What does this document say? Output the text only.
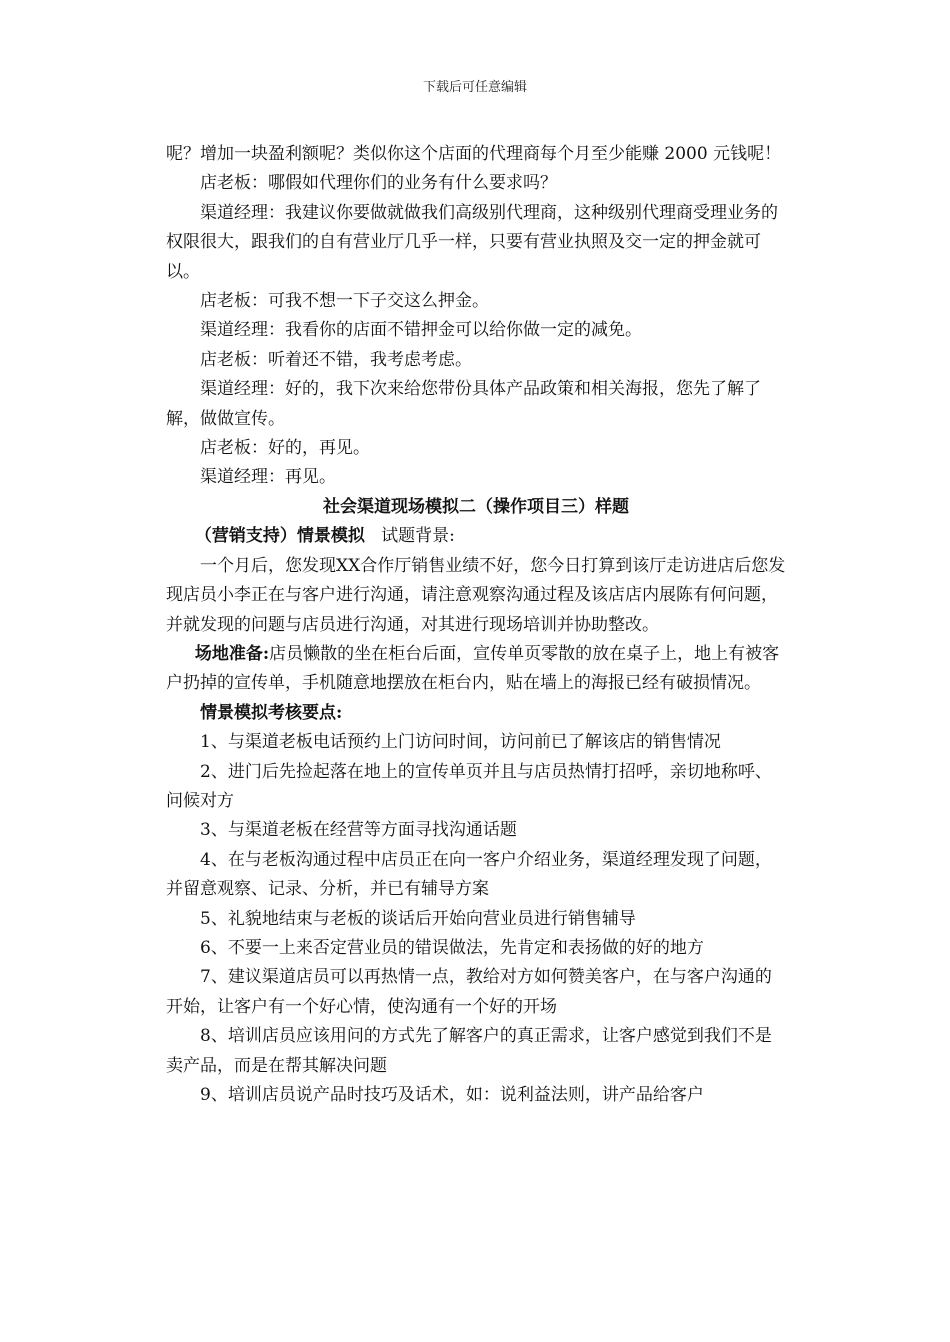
下载后可任意编辑

呢？增加一块盈利额呢？类似你这个店面的代理商每个月至少能赚 2000 元钱呢！

店老板：哪假如代理你们的业务有什么要求吗？

渠道经理：我建议你要做就做我们高级别代理商，这种级别代理商受理业务的权限很大，跟我们的自有营业厅几乎一样，只要有营业执照及交一定的押金就可以。

店老板：可我不想一下子交这么押金。

渠道经理：我看你的店面不错押金可以给你做一定的减免。

店老板：听着还不错，我考虑考虑。

渠道经理：好的，我下次来给您带份具体产品政策和相关海报，您先了解了解，做做宣传。

店老板：好的，再见。

渠道经理：再见。

社会渠道现场模拟二（操作项目三）样题

（营销支持）情景模拟 试题背景:

一个月后，您发现XX合作厅销售业绩不好，您今日打算到该厅走访进店后您发现店员小李正在与客户进行沟通，请注意观察沟通过程及该店店内展陈有何问题，并就发现的问题与店员进行沟通，对其进行现场培训并协助整改。

场地准备:店员懒散的坐在柜台后面，宣传单页零散的放在桌子上，地上有被客户扔掉的宣传单，手机随意地摆放在柜台内，贴在墙上的海报已经有破损情况。

情景模拟考核要点:

1、与渠道老板电话预约上门访问时间，访问前已了解该店的销售情况

2、进门后先捡起落在地上的宣传单页并且与店员热情打招呼，亲切地称呼、问候对方

3、与渠道老板在经营等方面寻找沟通话题

4、在与老板沟通过程中店员正在向一客户介绍业务，渠道经理发现了问题，并留意观察、记录、分析，并已有辅导方案

5、礼貌地结束与老板的谈话后开始向营业员进行销售辅导

6、不要一上来否定营业员的错误做法，先肯定和表扬做的好的地方

7、建议渠道店员可以再热情一点，教给对方如何赞美客户，在与客户沟通的开始，让客户有一个好心情，使沟通有一个好的开场

8、培训店员应该用问的方式先了解客户的真正需求，让客户感觉到我们不是卖产品，而是在帮其解决问题

9、培训店员说产品时技巧及话术，如：说利益法则，讲产品给客户
